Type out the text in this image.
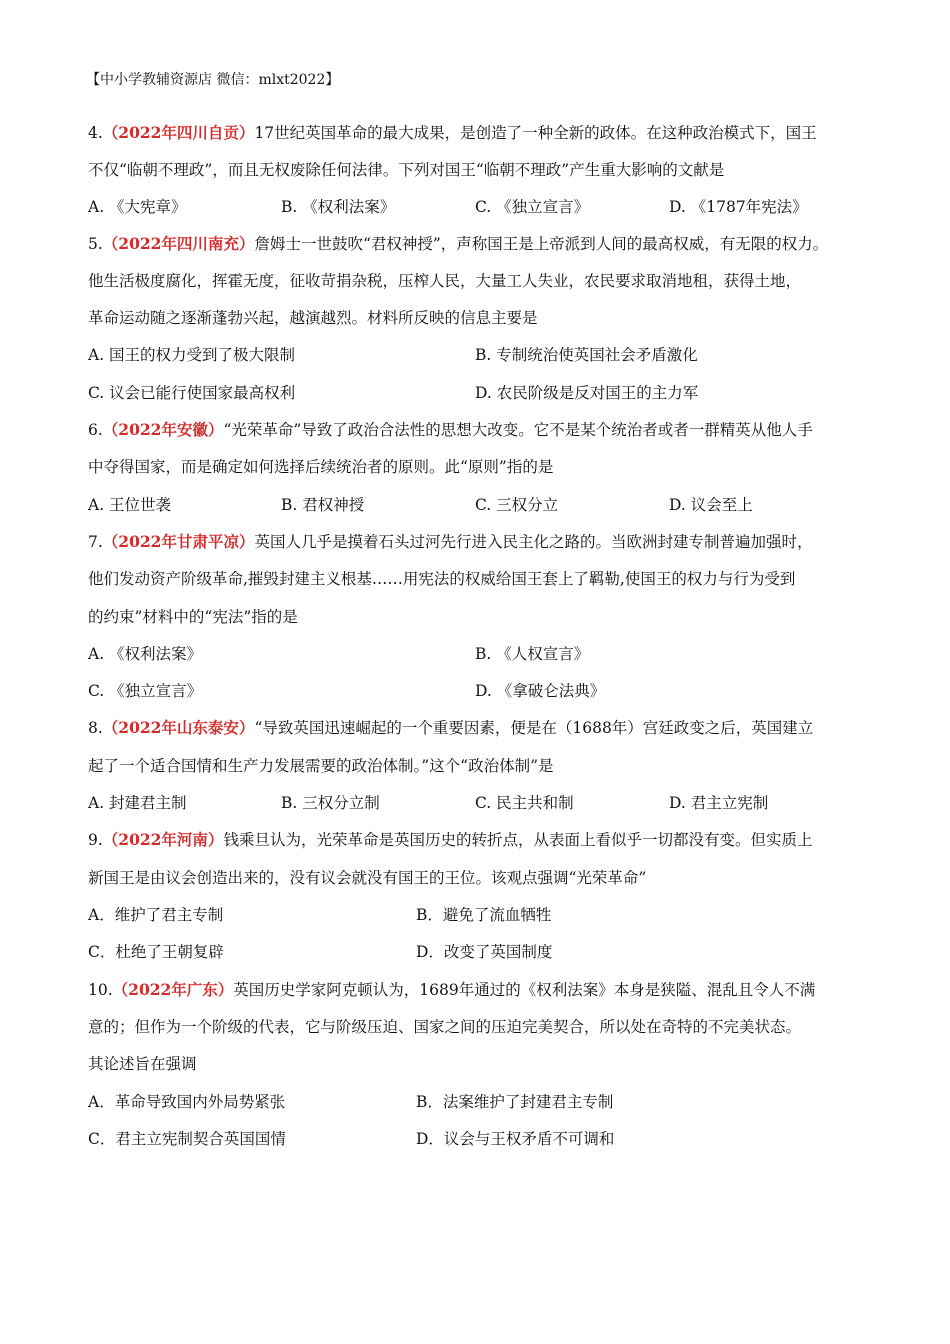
【中小学教辅资源店 微信：mlxt2022】
4.（2022年四川自贡）17世纪英国革命的最大成果，是创造了一种全新的政体。在这种政治模式下，国王
不仅“临朝不理政”，而且无权废除任何法律。下列对国王“临朝不理政”产生重大影响的文献是
A. 《大宪章》	B. 《权利法案》	C. 《独立宣言》	D. 《1787年宪法》
5.（2022年四川南充）詹姆士一世鼓吹“君权神授”，声称国王是上帝派到人间的最高权威，有无限的权力。
他生活极度腐化，挥霍无度，征收苛捐杂税，压榨人民，大量工人失业，农民要求取消地租，获得土地，
革命运动随之逐渐蓬勃兴起，越演越烈。材料所反映的信息主要是
A. 国王的权力受到了极大限制	B. 专制统治使英国社会矛盾激化
C. 议会已能行使国家最高权利	D. 农民阶级是反对国王的主力军
6.（2022年安徽）“光荣革命”导致了政治合法性的思想大改变。它不是某个统治者或者一群精英从他人手
中夺得国家，而是确定如何选择后续统治者的原则。此“原则”指的是
A. 王位世袭	B. 君权神授	C. 三权分立	D. 议会至上
7.（2022年甘肃平凉）英国人几乎是摸着石头过河先行进入民主化之路的。当欧洲封建专制普遍加强时，
他们发动资产阶级革命,摧毁封建主义根基……用宪法的权威给国王套上了羁勒,使国王的权力与行为受到
的约束”材料中的“宪法”指的是
A. 《权利法案》	B. 《人权宣言》
C. 《独立宣言》	D. 《拿破仑法典》
8.（2022年山东泰安）“导致英国迅速崛起的一个重要因素，便是在（1688年）宫廷政变之后，英国建立
起了一个适合国情和生产力发展需要的政治体制。”这个“政治体制”是
A. 封建君主制	B. 三权分立制	C. 民主共和制	D. 君主立宪制
9.（2022年河南）钱乘旦认为，光荣革命是英国历史的转折点，从表面上看似乎一切都没有变。但实质上
新国王是由议会创造出来的，没有议会就没有国王的王位。该观点强调“光荣革命”
A．维护了君主专制	B．避免了流血牺牲
C．杜绝了王朝复辟	D．改变了英国制度
10.（2022年广东）英国历史学家阿克顿认为，1689年通过的《权利法案》本身是狭隘、混乱且令人不满
意的；但作为一个阶级的代表，它与阶级压迫、国家之间的压迫完美契合，所以处在奇特的不完美状态。
其论述旨在强调
A．革命导致国内外局势紧张	B．法案维护了封建君主专制
C．君主立宪制契合英国国情	D．议会与王权矛盾不可调和
